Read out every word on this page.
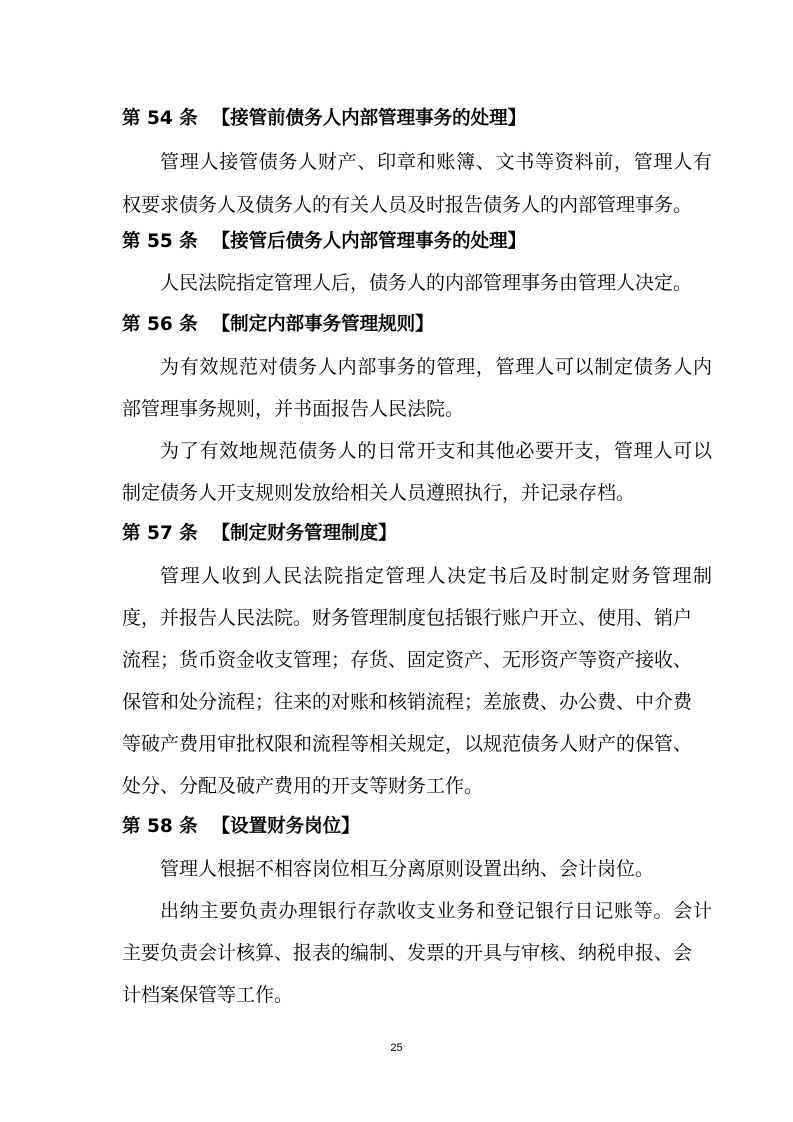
第 54 条 【接管前债务人内部管理事务的处理】
管理人接管债务人财产、印章和账簿、文书等资料前，管理人有
权要求债务人及债务人的有关人员及时报告债务人的内部管理事务。
第 55 条 【接管后债务人内部管理事务的处理】
人民法院指定管理人后，债务人的内部管理事务由管理人决定。
第 56 条 【制定内部事务管理规则】
为有效规范对债务人内部事务的管理，管理人可以制定债务人内
部管理事务规则，并书面报告人民法院。
为了有效地规范债务人的日常开支和其他必要开支，管理人可以
制定债务人开支规则发放给相关人员遵照执行，并记录存档。
第 57 条 【制定财务管理制度】
管理人收到人民法院指定管理人决定书后及时制定财务管理制
度，并报告人民法院。财务管理制度包括银行账户开立、使用、销户
流程；货币资金收支管理；存货、固定资产、无形资产等资产接收、
保管和处分流程；往来的对账和核销流程；差旅费、办公费、中介费
等破产费用审批权限和流程等相关规定，以规范债务人财产的保管、
处分、分配及破产费用的开支等财务工作。
第 58 条 【设置财务岗位】
管理人根据不相容岗位相互分离原则设置出纳、会计岗位。
出纳主要负责办理银行存款收支业务和登记银行日记账等。会计
主要负责会计核算、报表的编制、发票的开具与审核、纳税申报、会
计档案保管等工作。
25
